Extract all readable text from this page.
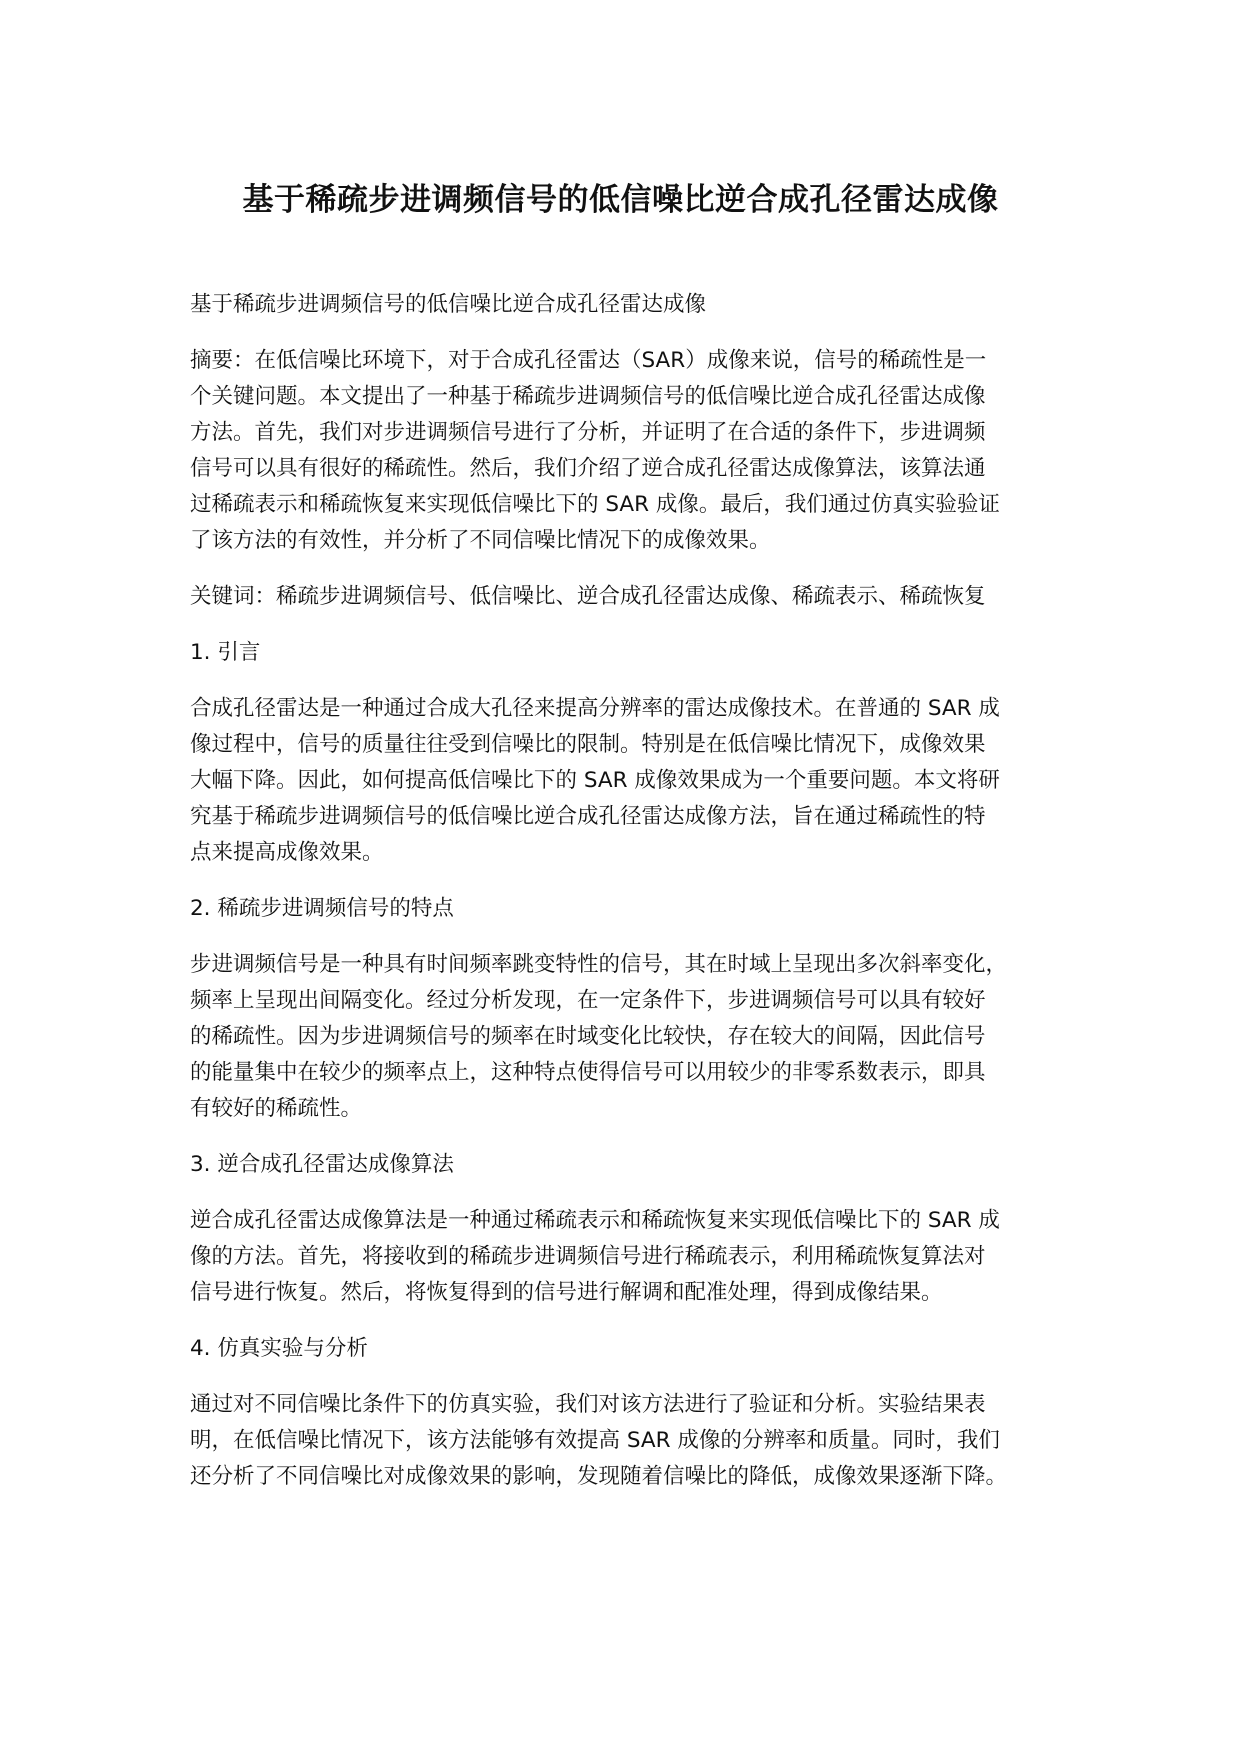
基于稀疏步进调频信号的低信噪比逆合成孔径雷达成像

基于稀疏步进调频信号的低信噪比逆合成孔径雷达成像

摘要：在低信噪比环境下，对于合成孔径雷达（SAR）成像来说，信号的稀疏性是一
个关键问题。本文提出了一种基于稀疏步进调频信号的低信噪比逆合成孔径雷达成像
方法。首先，我们对步进调频信号进行了分析，并证明了在合适的条件下，步进调频
信号可以具有很好的稀疏性。然后，我们介绍了逆合成孔径雷达成像算法，该算法通
过稀疏表示和稀疏恢复来实现低信噪比下的 SAR 成像。最后，我们通过仿真实验验证
了该方法的有效性，并分析了不同信噪比情况下的成像效果。

关键词：稀疏步进调频信号、低信噪比、逆合成孔径雷达成像、稀疏表示、稀疏恢复

1. 引言

合成孔径雷达是一种通过合成大孔径来提高分辨率的雷达成像技术。在普通的 SAR 成
像过程中，信号的质量往往受到信噪比的限制。特别是在低信噪比情况下，成像效果
大幅下降。因此，如何提高低信噪比下的 SAR 成像效果成为一个重要问题。本文将研
究基于稀疏步进调频信号的低信噪比逆合成孔径雷达成像方法，旨在通过稀疏性的特
点来提高成像效果。

2. 稀疏步进调频信号的特点

步进调频信号是一种具有时间频率跳变特性的信号，其在时域上呈现出多次斜率变化，
频率上呈现出间隔变化。经过分析发现，在一定条件下，步进调频信号可以具有较好
的稀疏性。因为步进调频信号的频率在时域变化比较快，存在较大的间隔，因此信号
的能量集中在较少的频率点上，这种特点使得信号可以用较少的非零系数表示，即具
有较好的稀疏性。

3. 逆合成孔径雷达成像算法

逆合成孔径雷达成像算法是一种通过稀疏表示和稀疏恢复来实现低信噪比下的 SAR 成
像的方法。首先，将接收到的稀疏步进调频信号进行稀疏表示，利用稀疏恢复算法对
信号进行恢复。然后，将恢复得到的信号进行解调和配准处理，得到成像结果。

4. 仿真实验与分析

通过对不同信噪比条件下的仿真实验，我们对该方法进行了验证和分析。实验结果表
明，在低信噪比情况下，该方法能够有效提高 SAR 成像的分辨率和质量。同时，我们
还分析了不同信噪比对成像效果的影响，发现随着信噪比的降低，成像效果逐渐下降。
